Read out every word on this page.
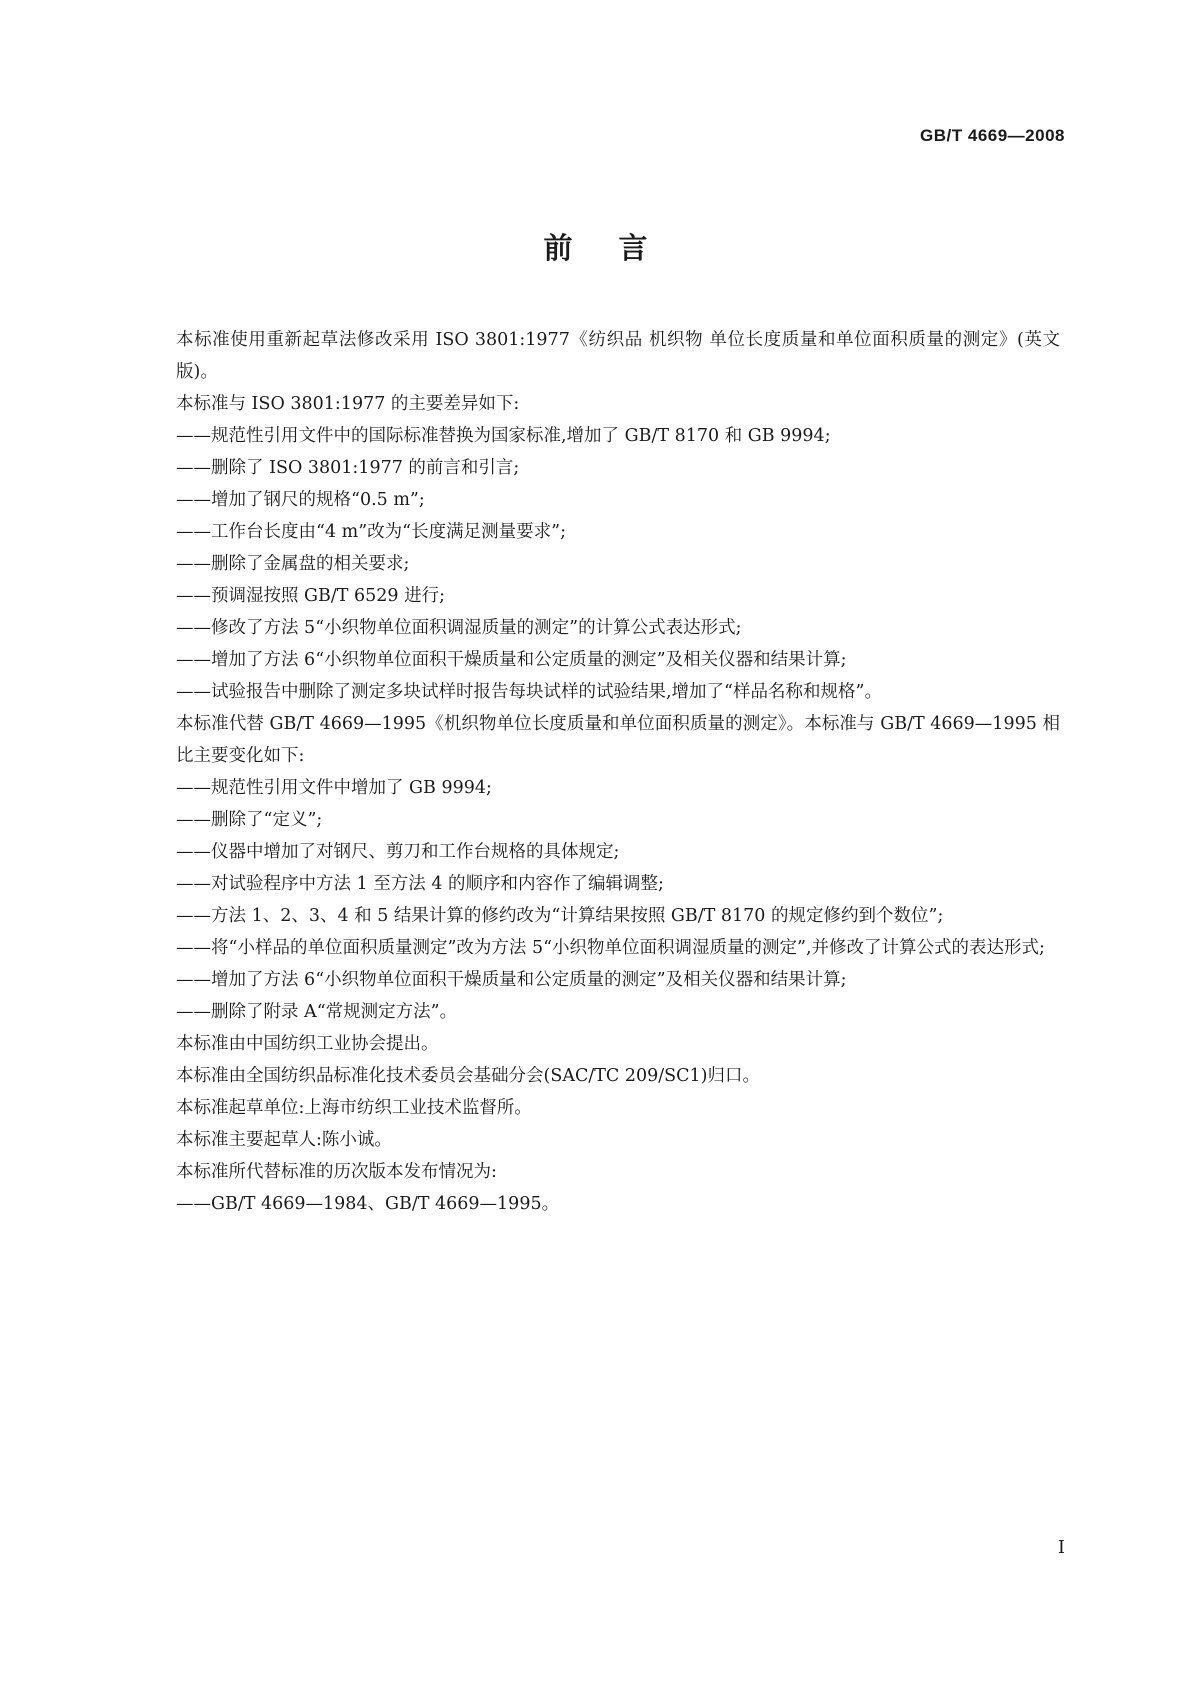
GB/T 4669—2008
前言
本标准使用重新起草法修改采用 ISO 3801:1977《纺织品 机织物 单位长度质量和单位面积质量的测定》(英文版)。
本标准与 ISO 3801:1977 的主要差异如下:
——规范性引用文件中的国际标准替换为国家标准,增加了 GB/T 8170 和 GB 9994;
——删除了 ISO 3801:1977 的前言和引言;
——增加了钢尺的规格“0.5 m”;
——工作台长度由“4 m”改为“长度满足测量要求”;
——删除了金属盘的相关要求;
——预调湿按照 GB/T 6529 进行;
——修改了方法 5“小织物单位面积调湿质量的测定”的计算公式表达形式;
——增加了方法 6“小织物单位面积干燥质量和公定质量的测定”及相关仪器和结果计算;
——试验报告中删除了测定多块试样时报告每块试样的试验结果,增加了“样品名称和规格”。
本标准代替 GB/T 4669—1995《机织物单位长度质量和单位面积质量的测定》。本标准与 GB/T 4669—1995 相比主要变化如下:
——规范性引用文件中增加了 GB 9994;
——删除了“定义”;
——仪器中增加了对钢尺、剪刀和工作台规格的具体规定;
——对试验程序中方法 1 至方法 4 的顺序和内容作了编辑调整;
——方法 1、2、3、4 和 5 结果计算的修约改为“计算结果按照 GB/T 8170 的规定修约到个数位”;
——将“小样品的单位面积质量测定”改为方法 5“小织物单位面积调湿质量的测定”,并修改了计算公式的表达形式;
——增加了方法 6“小织物单位面积干燥质量和公定质量的测定”及相关仪器和结果计算;
——删除了附录 A“常规测定方法”。
本标准由中国纺织工业协会提出。
本标准由全国纺织品标准化技术委员会基础分会(SAC/TC 209/SC1)归口。
本标准起草单位:上海市纺织工业技术监督所。
本标准主要起草人:陈小诚。
本标准所代替标准的历次版本发布情况为:
——GB/T 4669—1984、GB/T 4669—1995。
I
